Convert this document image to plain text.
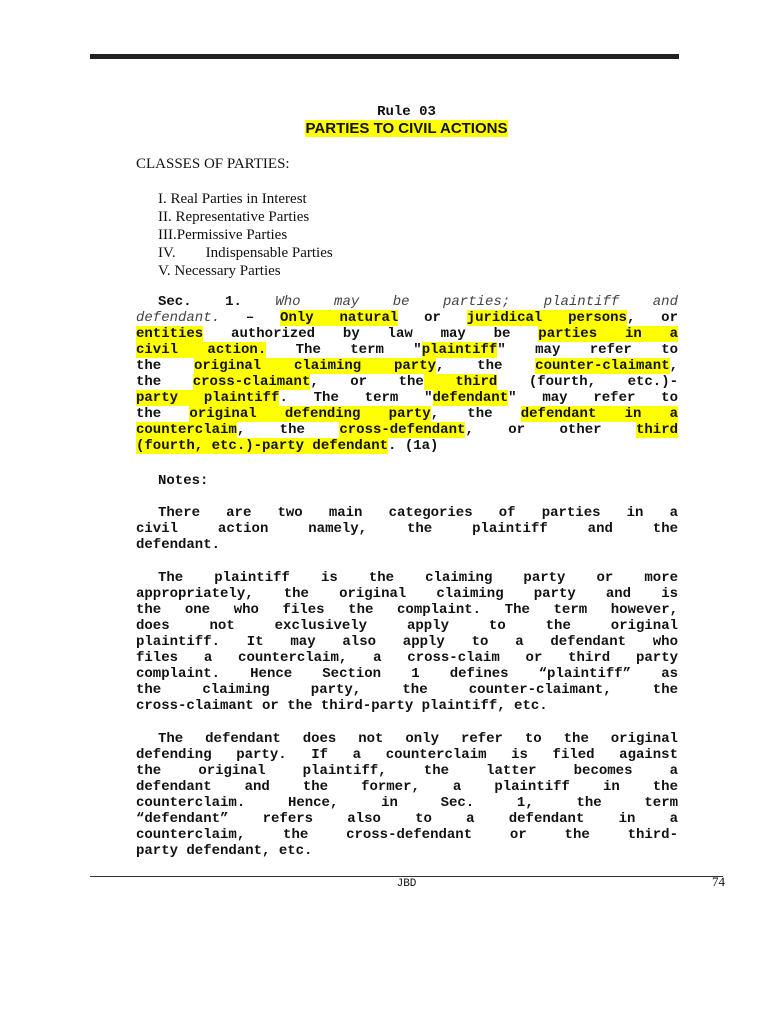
Rule 03
PARTIES TO CIVIL ACTIONS
CLASSES OF PARTIES:
I. Real Parties in Interest
II. Representative Parties
III.Permissive Parties
IV. Indispensable Parties
V. Necessary Parties
Sec. 1. Who may be parties; plaintiff and
defendant. – Only natural or juridical persons, or
entities authorized by law may be parties in a
civil action. The term "plaintiff" may refer to
the original claiming party, the counter-claimant,
the cross-claimant, or the third (fourth, etc.)-
party plaintiff. The term "defendant" may refer to
the original defending party, the defendant in a
counterclaim, the cross-defendant, or other third
(fourth, etc.)-party defendant. (1a)
Notes:
There are two main categories of parties in a
civil action namely, the plaintiff and the
defendant.
The plaintiff is the claiming party or more
appropriately, the original claiming party and is
the one who files the complaint. The term however,
does not exclusively apply to the original
plaintiff. It may also apply to a defendant who
files a counterclaim, a cross-claim or third party
complaint. Hence Section 1 defines “plaintiff” as
the claiming party, the counter-claimant, the
cross-claimant or the third-party plaintiff, etc.
The defendant does not only refer to the original
defending party. If a counterclaim is filed against
the original plaintiff, the latter becomes a
defendant and the former, a plaintiff in the
counterclaim. Hence, in Sec. 1, the term
“defendant” refers also to a defendant in a
counterclaim, the cross-defendant or the third-
party defendant, etc.
JBD	74
